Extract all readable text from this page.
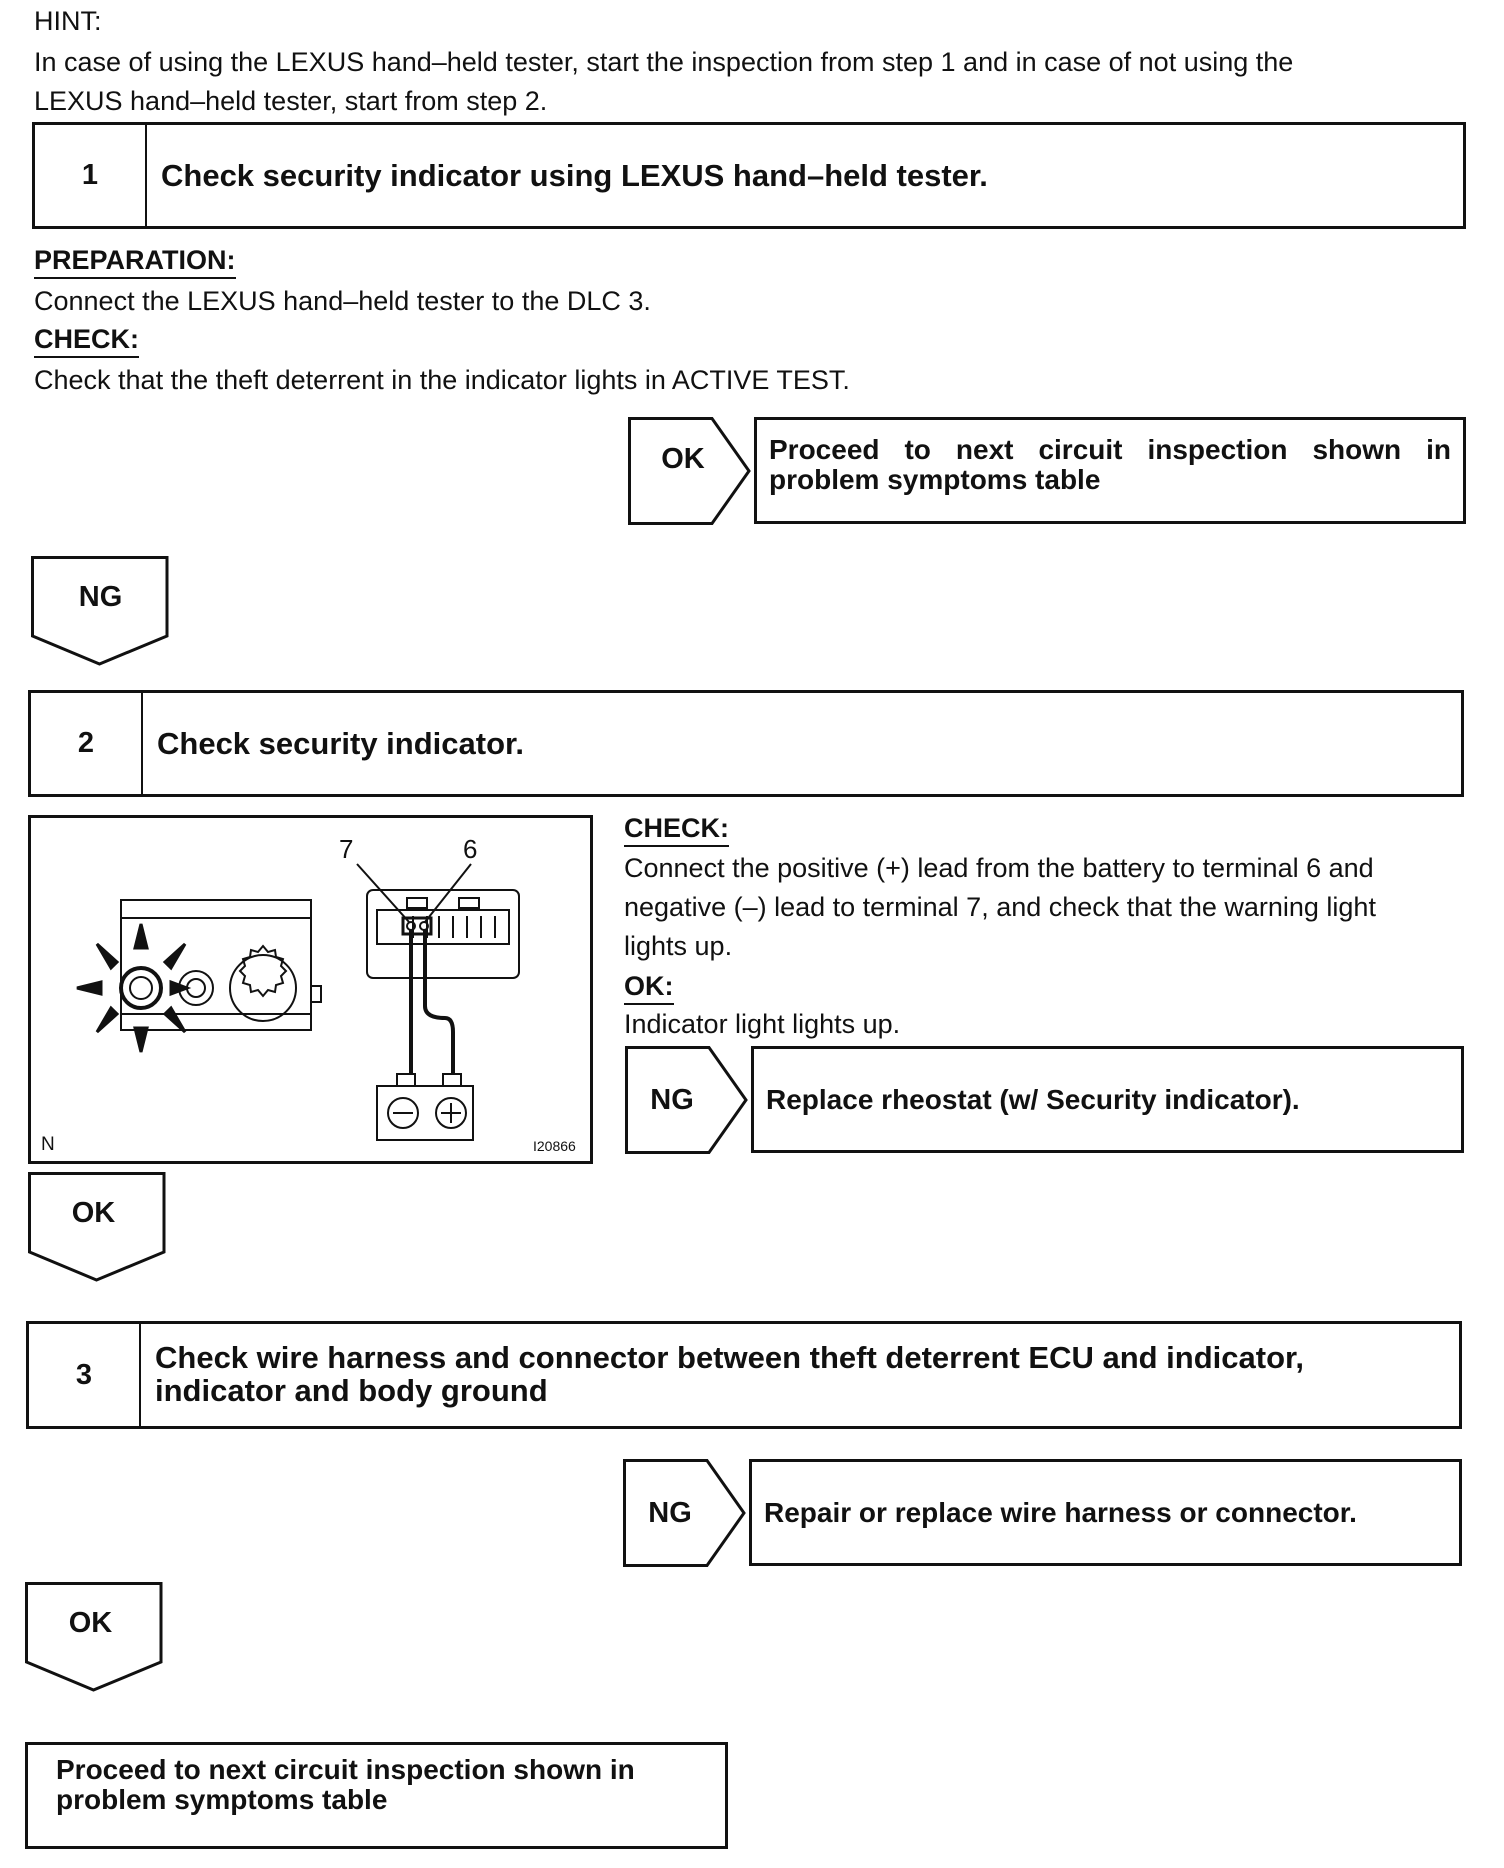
HINT:
In case of using the LEXUS hand–held tester, start the inspection from step 1 and in case of not using the
LEXUS hand–held tester, start from step 2.
1	Check security indicator using LEXUS hand–held tester.
PREPARATION:
Connect the LEXUS hand–held tester to the DLC 3.
CHECK:
Check that the theft deterrent in the indicator lights in ACTIVE TEST.
OK	Proceed to next circuit inspection shown in
problem symptoms table
NG
2	Check security indicator.
7	6
N	I20866
CHECK:
Connect the positive (+) lead from the battery to terminal 6 and
negative (–) lead to terminal 7, and check that the warning light
lights up.
OK:
Indicator light lights up.
NG	Replace rheostat (w/ Security indicator).
OK
3	Check wire harness and connector between theft deterrent ECU and indicator,
indicator and body ground
NG	Repair or replace wire harness or connector.
OK
Proceed to next circuit inspection shown in
problem symptoms table
